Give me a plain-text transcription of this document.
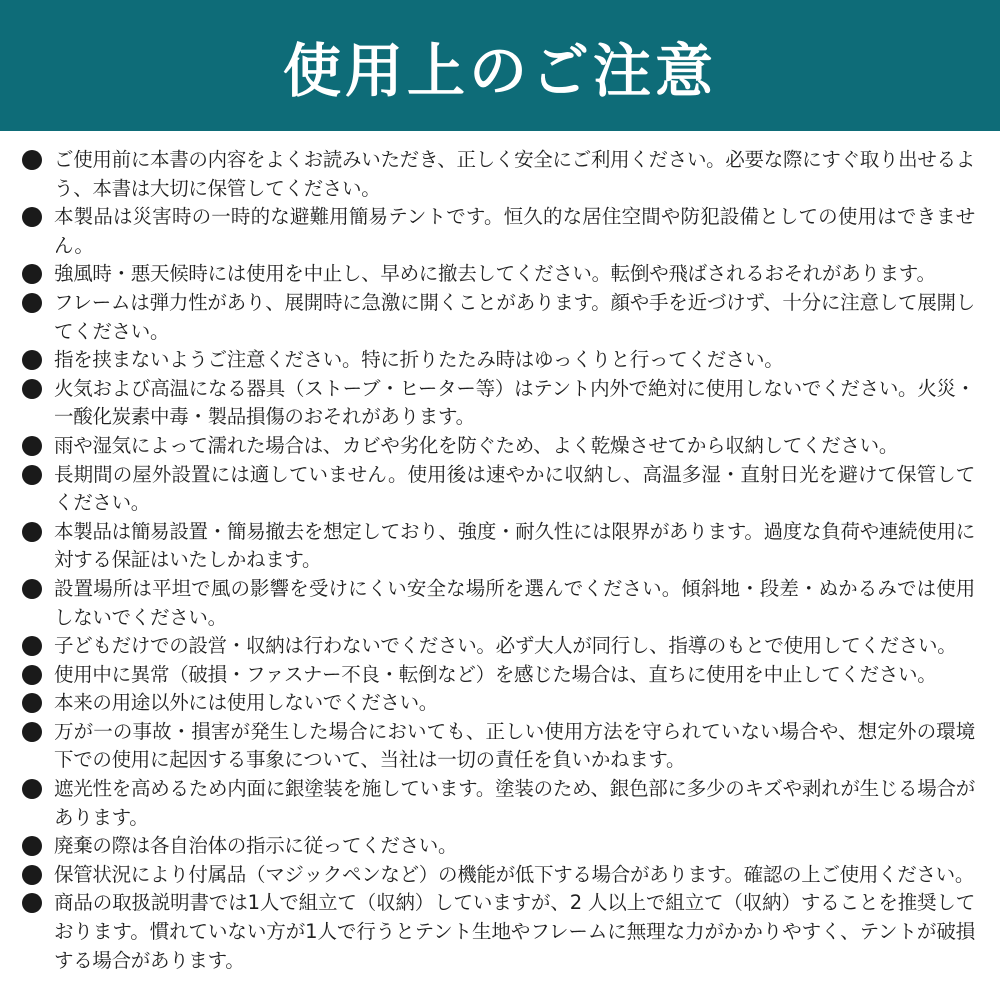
使用上のご注意
ご使用前に本書の内容をよくお読みいただき、正しく安全にご利用ください。必要な際にすぐ取り出せるよう、本書は大切に保管してください。
本製品は災害時の一時的な避難用簡易テントです。恒久的な居住空間や防犯設備としての使用はできません。
強風時・悪天候時には使用を中止し、早めに撤去してください。転倒や飛ばされるおそれがあります。
フレームは弾力性があり、展開時に急激に開くことがあります。顔や手を近づけず、十分に注意して展開してください。
指を挟まないようご注意ください。特に折りたたみ時はゆっくりと行ってください。
火気および高温になる器具（ストーブ・ヒーター等）はテント内外で絶対に使用しないでください。火災・一酸化炭素中毒・製品損傷のおそれがあります。
雨や湿気によって濡れた場合は、カビや劣化を防ぐため、よく乾燥させてから収納してください。
長期間の屋外設置には適していません。使用後は速やかに収納し、高温多湿・直射日光を避けて保管してください。
本製品は簡易設置・簡易撤去を想定しており、強度・耐久性には限界があります。過度な負荷や連続使用に対する保証はいたしかねます。
設置場所は平坦で風の影響を受けにくい安全な場所を選んでください。傾斜地・段差・ぬかるみでは使用しないでください。
子どもだけでの設営・収納は行わないでください。必ず大人が同行し、指導のもとで使用してください。
使用中に異常（破損・ファスナー不良・転倒など）を感じた場合は、直ちに使用を中止してください。
本来の用途以外には使用しないでください。
万が一の事故・損害が発生した場合においても、正しい使用方法を守られていない場合や、想定外の環境下での使用に起因する事象について、当社は一切の責任を負いかねます。
遮光性を高めるため内面に銀塗装を施しています。塗装のため、銀色部に多少のキズや剥れが生じる場合があります。
廃棄の際は各自治体の指示に従ってください。
保管状況により付属品（マジックペンなど）の機能が低下する場合があります。確認の上ご使用ください。
商品の取扱説明書では1人で組立て（収納）していますが、2 人以上で組立て（収納）することを推奨しております。慣れていない方が1人で行うとテント生地やフレームに無理な力がかかりやすく、テントが破損する場合があります。
